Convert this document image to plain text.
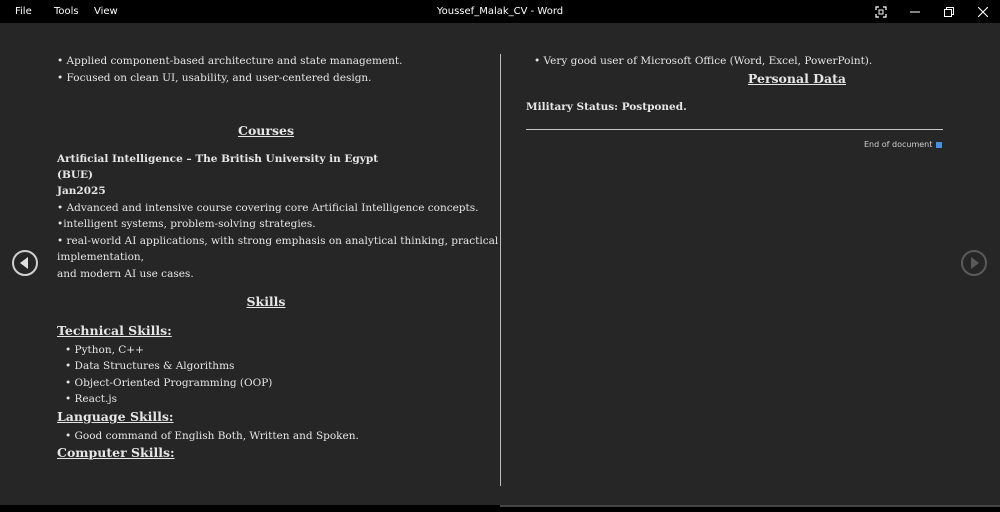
File Tools View	Youssef_Malak_CV - Word
• Applied component-based architecture and state management.
• Focused on clean UI, usability, and user-centered design.
Courses
Artificial Intelligence – The British University in Egypt
(BUE)
Jan2025
• Advanced and intensive course covering core Artificial Intelligence concepts.
•intelligent systems, problem-solving strategies.
• real-world AI applications, with strong emphasis on analytical thinking, practical
implementation,
and modern AI use cases.
Skills
Technical Skills:
• Python, C++
• Data Structures & Algorithms
• Object-Oriented Programming (OOP)
• React.js
Language Skills:
• Good command of English Both, Written and Spoken.
Computer Skills:
• Very good user of Microsoft Office (Word, Excel, PowerPoint).
Personal Data
Military Status: Postponed.
End of document
